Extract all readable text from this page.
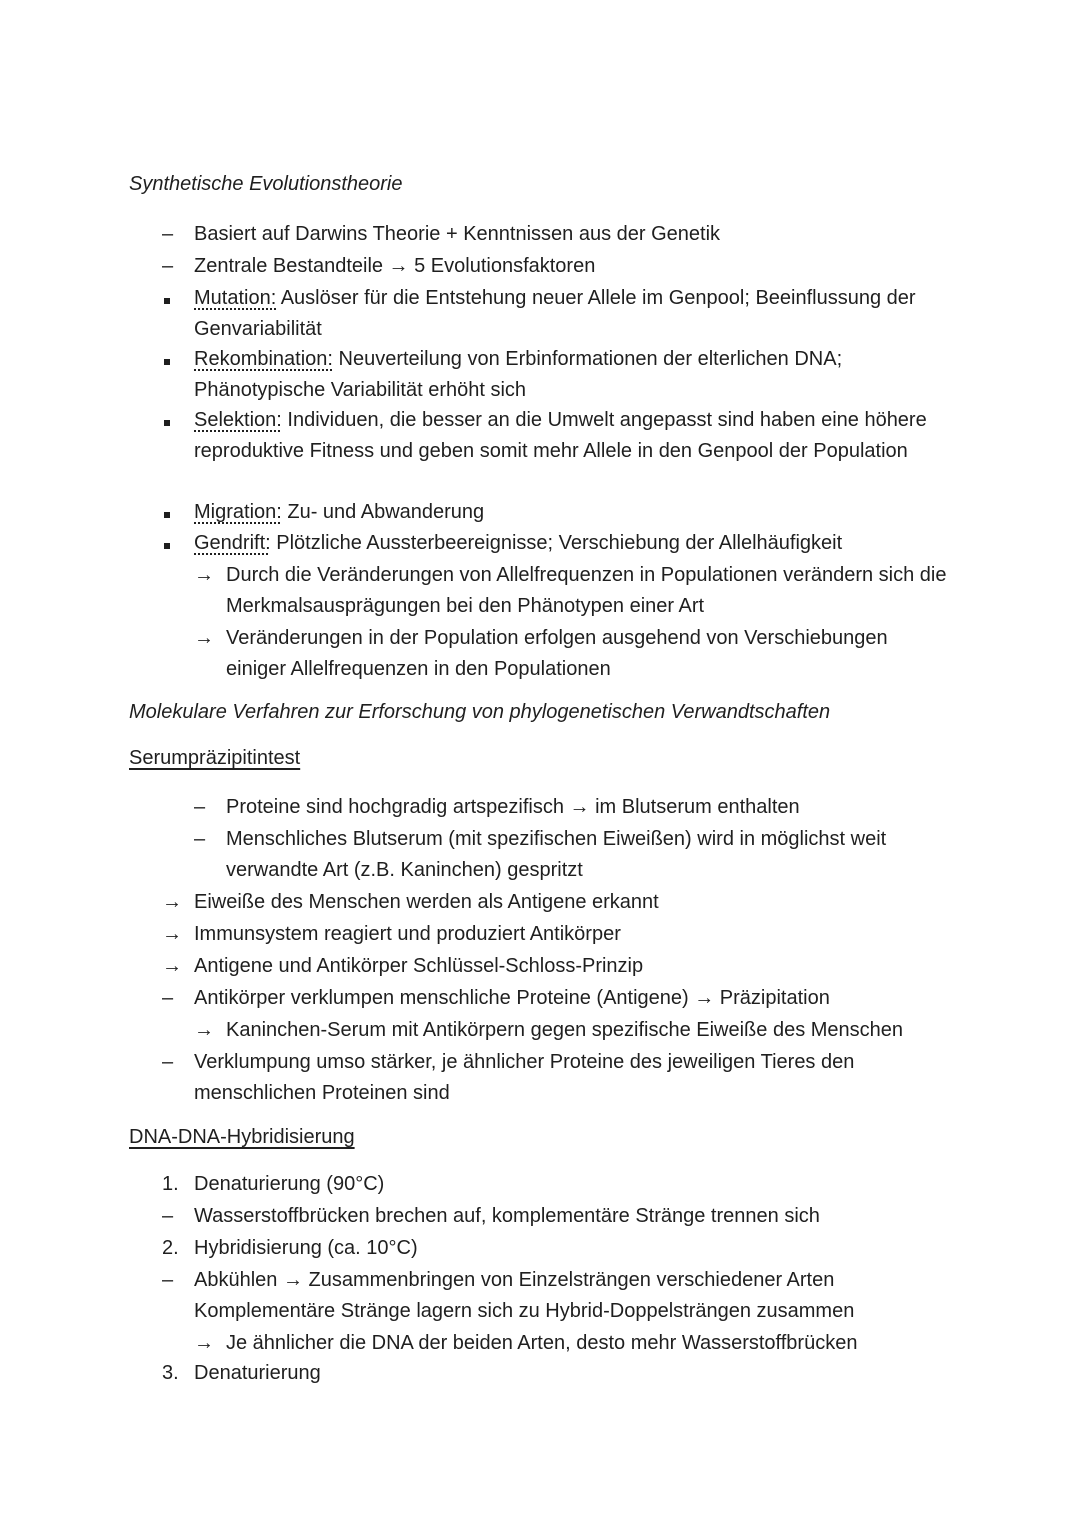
Synthetische Evolutionstheorie
–	Basiert auf Darwins Theorie + Kenntnissen aus der Genetik
–	Zentrale Bestandteile → 5 Evolutionsfaktoren
Mutation: Auslöser für die Entstehung neuer Allele im Genpool; Beeinflussung der Genvariabilität
Rekombination: Neuverteilung von Erbinformationen der elterlichen DNA; Phänotypische Variabilität erhöht sich
Selektion: Individuen, die besser an die Umwelt angepasst sind haben eine höhere reproduktive Fitness und geben somit mehr Allele in den Genpool der Population
Migration: Zu- und Abwanderung
Gendrift: Plötzliche Aussterbeereignisse; Verschiebung der Allelhäufigkeit
→ Durch die Veränderungen von Allelfrequenzen in Populationen verändern sich die Merkmalsausprägungen bei den Phänotypen einer Art
→ Veränderungen in der Population erfolgen ausgehend von Verschiebungen einiger Allelfrequenzen in den Populationen
Molekulare Verfahren zur Erforschung von phylogenetischen Verwandtschaften
Serumpräzipitintest
–	Proteine sind hochgradig artspezifisch → im Blutserum enthalten
–	Menschliches Blutserum (mit spezifischen Eiweißen) wird in möglichst weit verwandte Art (z.B. Kaninchen) gespritzt
→ Eiweiße des Menschen werden als Antigene erkannt
→ Immunsystem reagiert und produziert Antikörper
→ Antigene und Antikörper Schlüssel-Schloss-Prinzip
–	Antikörper verklumpen menschliche Proteine (Antigene) → Präzipitation
→ Kaninchen-Serum mit Antikörpern gegen spezifische Eiweiße des Menschen
–	Verklumpung umso stärker, je ähnlicher Proteine des jeweiligen Tieres den menschlichen Proteinen sind
DNA-DNA-Hybridisierung
1. Denaturierung (90°C)
–	Wasserstoffbrücken brechen auf, komplementäre Stränge trennen sich
2. Hybridisierung (ca. 10°C)
–	Abkühlen → Zusammenbringen von Einzelsträngen verschiedener Arten Komplementäre Stränge lagern sich zu Hybrid-Doppelsträngen zusammen
→ Je ähnlicher die DNA der beiden Arten, desto mehr Wasserstoffbrücken
3. Denaturierung
